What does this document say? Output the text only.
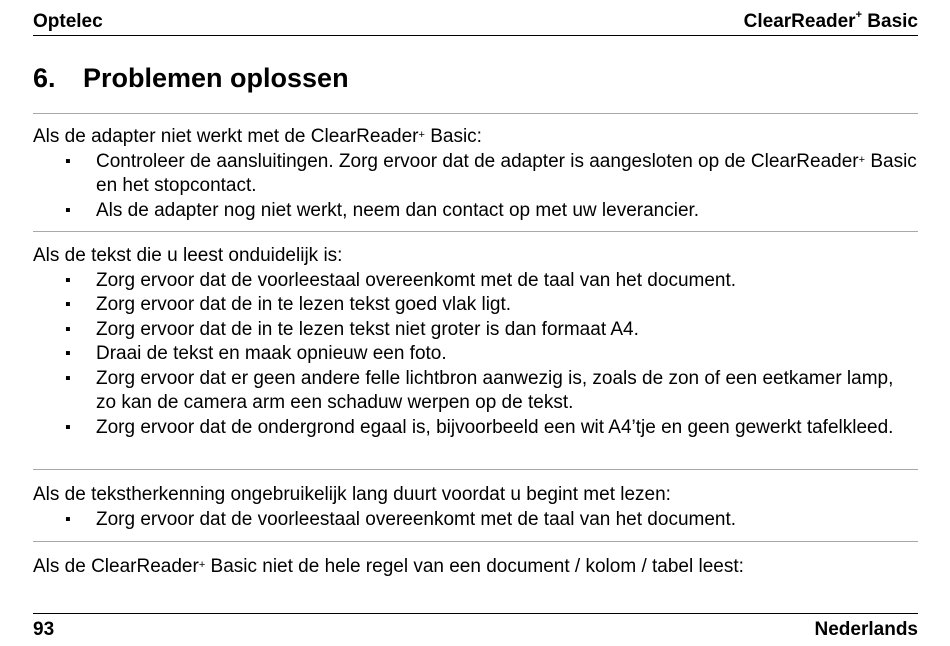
Optelec	ClearReader+ Basic
6. Problemen oplossen
Als de adapter niet werkt met de ClearReader+ Basic:
▪ Controleer de aansluitingen. Zorg ervoor dat de adapter is aangesloten op de ClearReader+ Basic en het stopcontact.
▪ Als de adapter nog niet werkt, neem dan contact op met uw leverancier.
Als de tekst die u leest onduidelijk is:
▪ Zorg ervoor dat de voorleestaal overeenkomt met de taal van het document.
▪ Zorg ervoor dat de in te lezen tekst goed vlak ligt.
▪ Zorg ervoor dat de in te lezen tekst niet groter is dan formaat A4.
▪ Draai de tekst en maak opnieuw een foto.
▪ Zorg ervoor dat er geen andere felle lichtbron aanwezig is, zoals de zon of een eetkamer lamp, zo kan de camera arm een schaduw werpen op de tekst.
▪ Zorg ervoor dat de ondergrond egaal is, bijvoorbeeld een wit A4’tje en geen gewerkt tafelkleed.
Als de tekstherkenning ongebruikelijk lang duurt voordat u begint met lezen:
▪ Zorg ervoor dat de voorleestaal overeenkomt met de taal van het document.
Als de ClearReader+ Basic niet de hele regel van een document / kolom / tabel leest:
93	Nederlands
